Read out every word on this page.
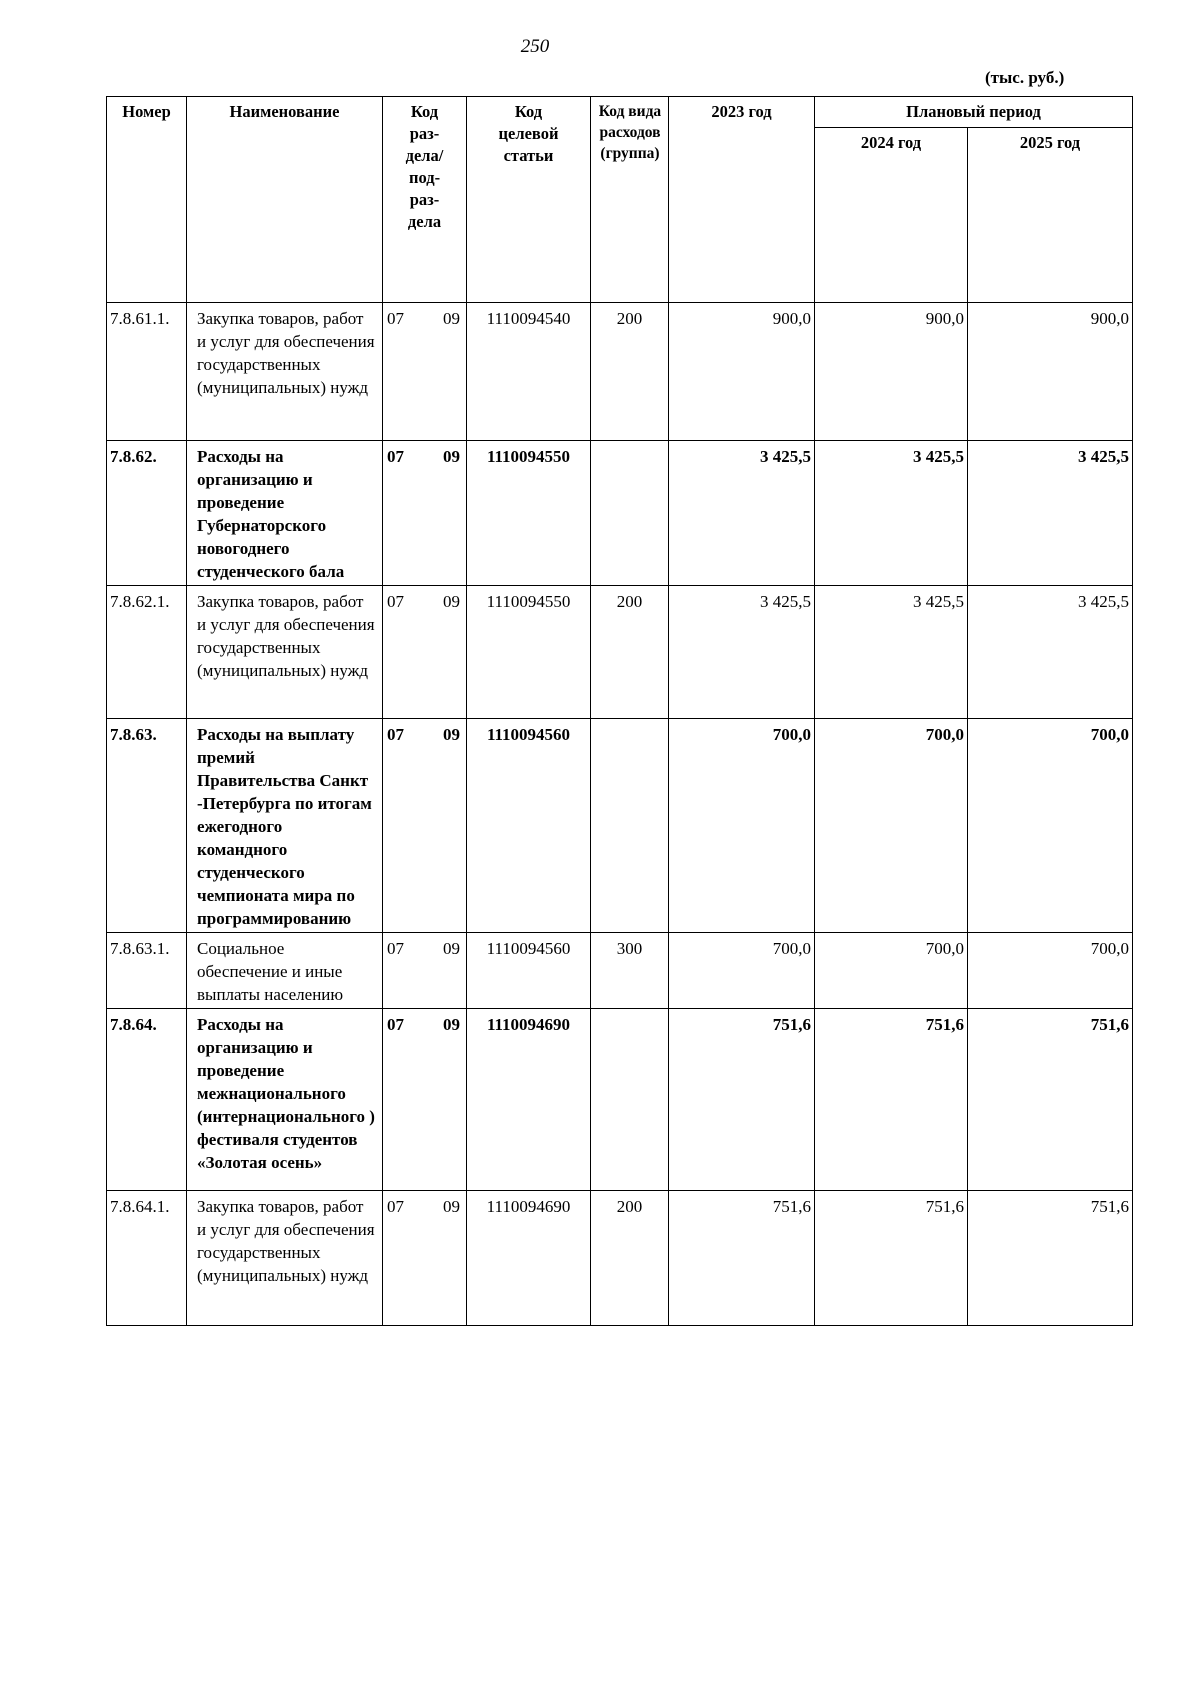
250
(тыс. руб.)
Номер	Наименование	Код раз- дела/ под- раз- дела	Код целевой статьи	Код вида расходов (группа)	2023 год	Плановый период	
						2024 год	2025 год
7.8.61.1.	Закупка товаров, работ и услуг для обеспечения государственных (муниципальных) нужд	07 09	1110094540	200	900,0	900,0	900,0
7.8.62.	Расходы на организацию и проведение Губернаторского новогоднего студенческого бала	07 09	1110094550		3 425,5	3 425,5	3 425,5
7.8.62.1.	Закупка товаров, работ и услуг для обеспечения государственных (муниципальных) нужд	07 09	1110094550	200	3 425,5	3 425,5	3 425,5
7.8.63.	Расходы на выплату премий Правительства Санкт -Петербурга по итогам ежегодного командного студенческого чемпионата мира по программированию	07 09	1110094560		700,0	700,0	700,0
7.8.63.1.	Социальное обеспечение и иные выплаты населению	07 09	1110094560	300	700,0	700,0	700,0
7.8.64.	Расходы на организацию и проведение межнационального (интернационального ) фестиваля студентов «Золотая осень»	07 09	1110094690		751,6	751,6	751,6
7.8.64.1.	Закупка товаров, работ и услуг для обеспечения государственных (муниципальных) нужд	07 09	1110094690	200	751,6	751,6	751,6
